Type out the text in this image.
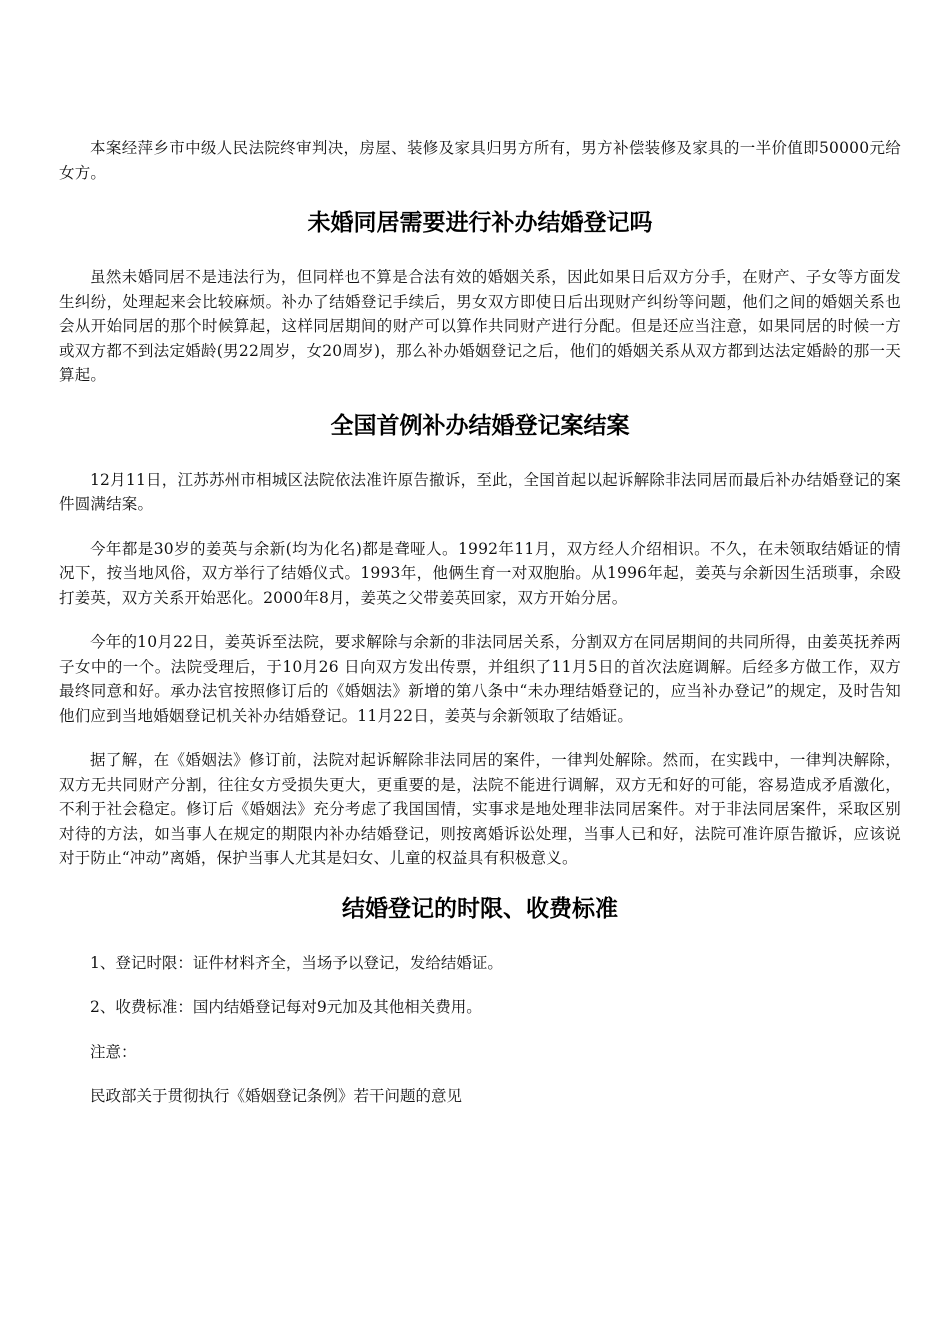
本案经萍乡市中级人民法院终审判决，房屋、装修及家具归男方所有，男方补偿装修及家具的一半价值即50000元给女方。

未婚同居需要进行补办结婚登记吗

虽然未婚同居不是违法行为，但同样也不算是合法有效的婚姻关系，因此如果日后双方分手，在财产、子女等方面发生纠纷，处理起来会比较麻烦。补办了结婚登记手续后，男女双方即使日后出现财产纠纷等问题，他们之间的婚姻关系也会从开始同居的那个时候算起，这样同居期间的财产可以算作共同财产进行分配。但是还应当注意，如果同居的时候一方或双方都不到法定婚龄(男22周岁，女20周岁)，那么补办婚姻登记之后，他们的婚姻关系从双方都到达法定婚龄的那一天算起。

全国首例补办结婚登记案结案

12月11日，江苏苏州市相城区法院依法准许原告撤诉，至此，全国首起以起诉解除非法同居而最后补办结婚登记的案件圆满结案。

今年都是30岁的姜英与余新(均为化名)都是聋哑人。1992年11月，双方经人介绍相识。不久，在未领取结婚证的情况下，按当地风俗，双方举行了结婚仪式。1993年，他俩生育一对双胞胎。从1996年起，姜英与余新因生活琐事，余殴打姜英，双方关系开始恶化。2000年8月，姜英之父带姜英回家，双方开始分居。

今年的10月22日，姜英诉至法院，要求解除与余新的非法同居关系，分割双方在同居期间的共同所得，由姜英抚养两子女中的一个。法院受理后，于10月26 日向双方发出传票，并组织了11月5日的首次法庭调解。后经多方做工作，双方最终同意和好。承办法官按照修订后的《婚姻法》新增的第八条中“未办理结婚登记的，应当补办登记”的规定，及时告知他们应到当地婚姻登记机关补办结婚登记。11月22日，姜英与余新领取了结婚证。

据了解，在《婚姻法》修订前，法院对起诉解除非法同居的案件，一律判处解除。然而，在实践中，一律判决解除，双方无共同财产分割，往往女方受损失更大，更重要的是，法院不能进行调解，双方无和好的可能，容易造成矛盾激化，不利于社会稳定。修订后《婚姻法》充分考虑了我国国情，实事求是地处理非法同居案件。对于非法同居案件，采取区别对待的方法，如当事人在规定的期限内补办结婚登记，则按离婚诉讼处理，当事人已和好，法院可准许原告撤诉，应该说对于防止“冲动”离婚，保护当事人尤其是妇女、儿童的权益具有积极意义。

结婚登记的时限、收费标准

1、登记时限：证件材料齐全，当场予以登记，发给结婚证。

2、收费标准：国内结婚登记每对9元加及其他相关费用。

注意：

民政部关于贯彻执行《婚姻登记条例》若干问题的意见
